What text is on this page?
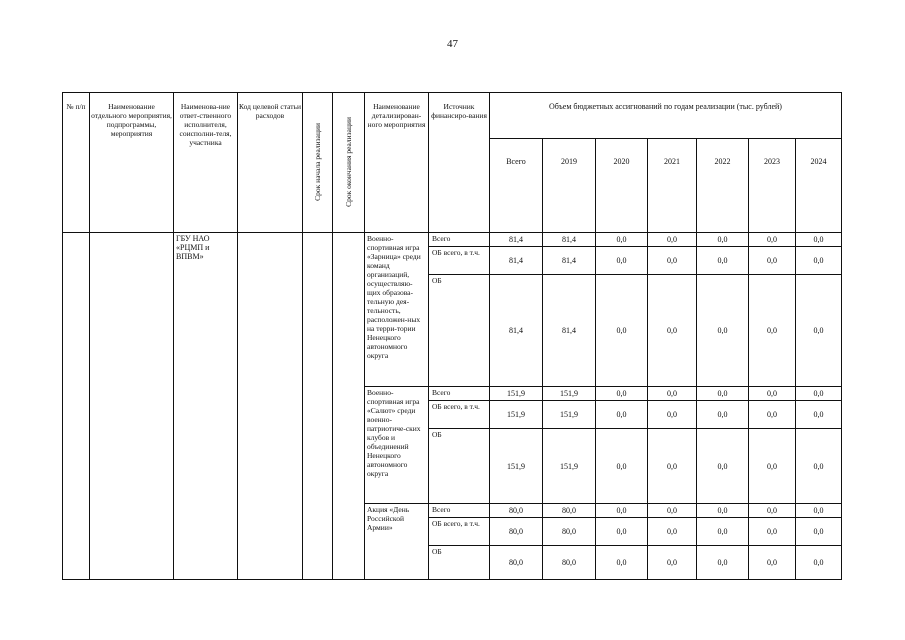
47
№ п/п	Наименование отдельного мероприятия, подпрограммы, мероприятия	Наименова-ние ответ-ственного исполнителя, соисполни-теля, участника	Код целевой статьи расходов	Срок начала реализации	Срок окончания реализации	Наименование детализирован-ного мероприятия	Источник финансиро-вания	Объем бюджетных ассигнований по годам реализации (тыс. рублей)						
								Всего	2019	2020	2021	2022	2023	2024
		ГБУ НАО «РЦМП и ВПВМ»				Военно-спортивная игра «Зарница» среди команд организаций, осуществляю-щих образова-тельную дея-тельность, расположен-ных на терри-тории Ненецкого автономного округа	Всего	81,4	81,4	0,0	0,0	0,0	0,0	0,0
							ОБ всего, в т.ч.	81,4	81,4	0,0	0,0	0,0	0,0	0,0
							ОБ	81,4	81,4	0,0	0,0	0,0	0,0	0,0
						Военно-спортивная игра «Салют» среди военно-патриотиче-ских клубов и объединений Ненецкого автономного округа	Всего	151,9	151,9	0,0	0,0	0,0	0,0	0,0
							ОБ всего, в т.ч.	151,9	151,9	0,0	0,0	0,0	0,0	0,0
							ОБ	151,9	151,9	0,0	0,0	0,0	0,0	0,0
						Акция «День Российской Армии»	Всего	80,0	80,0	0,0	0,0	0,0	0,0	0,0
							ОБ всего, в т.ч.	80,0	80,0	0,0	0,0	0,0	0,0	0,0
							ОБ	80,0	80,0	0,0	0,0	0,0	0,0	0,0
